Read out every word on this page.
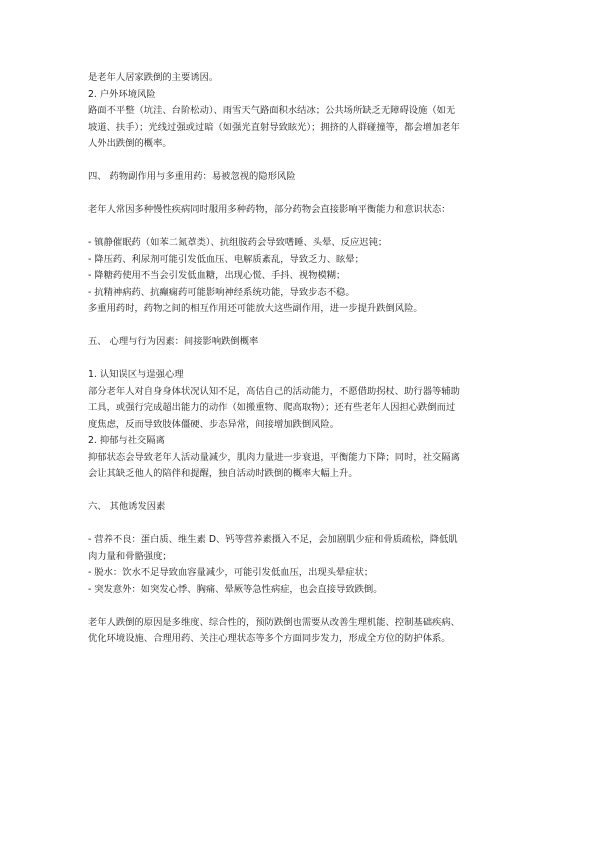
是老年人居家跌倒的主要诱因。
2. 户外环境风险
路面不平整（坑洼、台阶松动）、雨雪天气路面积水结冰；公共场所缺乏无障碍设施（如无
坡道、扶手）；光线过强或过暗（如强光直射导致眩光）；拥挤的人群碰撞等，都会增加老年
人外出跌倒的概率。
四、 药物副作用与多重用药：易被忽视的隐形风险
老年人常因多种慢性疾病同时服用多种药物，部分药物会直接影响平衡能力和意识状态：
- 镇静催眠药（如苯二氮䓬类）、抗组胺药会导致嗜睡、头晕、反应迟钝；
- 降压药、利尿剂可能引发低血压、电解质紊乱，导致乏力、眩晕；
- 降糖药使用不当会引发低血糖，出现心慌、手抖、视物模糊；
- 抗精神病药、抗癫痫药可能影响神经系统功能，导致步态不稳。
多重用药时，药物之间的相互作用还可能放大这些副作用，进一步提升跌倒风险。
五、 心理与行为因素：间接影响跌倒概率
1. 认知误区与逞强心理
部分老年人对自身身体状况认知不足，高估自己的活动能力，不愿借助拐杖、助行器等辅助
工具，或强行完成超出能力的动作（如搬重物、爬高取物）；还有些老年人因担心跌倒而过
度焦虑，反而导致肢体僵硬、步态异常，间接增加跌倒风险。
2. 抑郁与社交隔离
抑郁状态会导致老年人活动量减少，肌肉力量进一步衰退，平衡能力下降；同时，社交隔离
会让其缺乏他人的陪伴和提醒，独自活动时跌倒的概率大幅上升。
六、 其他诱发因素
- 营养不良：蛋白质、维生素 D、钙等营养素摄入不足，会加剧肌少症和骨质疏松，降低肌
肉力量和骨骼强度；
- 脱水：饮水不足导致血容量减少，可能引发低血压，出现头晕症状；
- 突发意外：如突发心悸、胸痛、晕厥等急性病症，也会直接导致跌倒。
老年人跌倒的原因是多维度、综合性的，预防跌倒也需要从改善生理机能、控制基础疾病、
优化环境设施、合理用药、关注心理状态等多个方面同步发力，形成全方位的防护体系。
